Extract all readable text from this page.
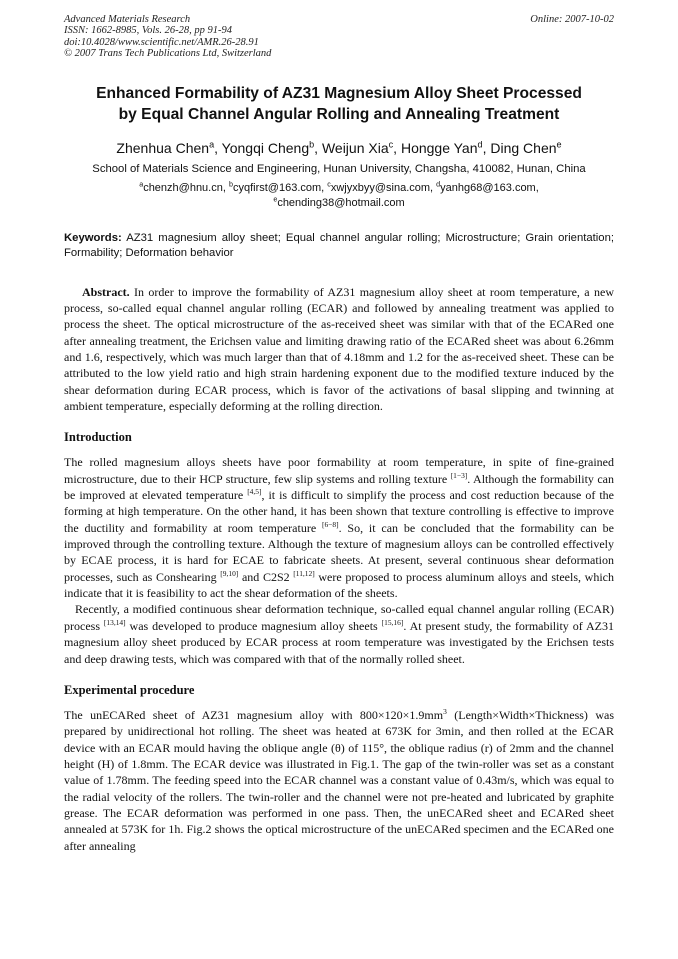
Advanced Materials Research
ISSN: 1662-8985, Vols. 26-28, pp 91-94
doi:10.4028/www.scientific.net/AMR.26-28.91
© 2007 Trans Tech Publications Ltd, Switzerland
Online: 2007-10-02
Enhanced Formability of AZ31 Magnesium Alloy Sheet Processed
by Equal Channel Angular Rolling and Annealing Treatment
Zhenhua Chen$^a$, Yongqi Cheng$^b$, Weijun Xia$^c$, Hongge Yan$^d$, Ding Chen$^e$
School of Materials Science and Engineering, Hunan University, Changsha, 410082, Hunan, China
$^a$chenzh@hnu.cn, $^b$cyqfirst@163.com, $^c$xwjyxbyy@sina.com, $^d$yanhg68@163.com,
$^e$chending38@hotmail.com
Keywords: AZ31 magnesium alloy sheet; Equal channel angular rolling; Microstructure; Grain orientation; Formability; Deformation behavior
Abstract. In order to improve the formability of AZ31 magnesium alloy sheet at room temperature, a new process, so-called equal channel angular rolling (ECAR) and followed by annealing treatment was applied to process the sheet. The optical microstructure of the as-received sheet was similar with that of the ECARed one after annealing treatment, the Erichsen value and limiting drawing ratio of the ECARed sheet was about 6.26mm and 1.6, respectively, which was much larger than that of 4.18mm and 1.2 for the as-received sheet. These can be attributed to the low yield ratio and high strain hardening exponent due to the modified texture induced by the shear deformation during ECAR process, which is favor of the activations of basal slipping and twinning at ambient temperature, especially deforming at the rolling direction.
Introduction

The rolled magnesium alloys sheets have poor formability at room temperature, in spite of fine-grained microstructure, due to their HCP structure, few slip systems and rolling texture [1−3]. Although the formability can be improved at elevated temperature [4,5], it is difficult to simplify the process and cost reduction because of the forming at high temperature. On the other hand, it has been shown that texture controlling is effective to improve the ductility and formability at room temperature [6−8]. So, it can be concluded that the formability can be improved through the controlling texture. Although the texture of magnesium alloys can be controlled effectively by ECAE process, it is hard for ECAE to fabricate sheets. At present, several continuous shear deformation processes, such as Conshearing [9,10] and C2S2 [11,12] were proposed to process aluminum alloys and steels, which indicate that it is feasibility to act the shear deformation of the sheets.

Recently, a modified continuous shear deformation technique, so-called equal channel angular rolling (ECAR) process [13,14] was developed to produce magnesium alloy sheets [15,16]. At present study, the formability of AZ31 magnesium alloy sheet produced by ECAR process at room temperature was investigated by the Erichsen tests and deep drawing tests, which was compared with that of the normally rolled sheet.

Experimental procedure

The unECARed sheet of AZ31 magnesium alloy with 800×120×1.9mm$^3$ (Length×Width×Thickness) was prepared by unidirectional hot rolling. The sheet was heated at 673K for 3min, and then rolled at the ECAR device with an ECAR mould having the oblique angle (θ) of 115°, the oblique radius (r) of 2mm and the channel height (H) of 1.8mm. The ECAR device was illustrated in Fig.1. The gap of the twin-roller was set as a constant value of 1.78mm. The feeding speed into the ECAR channel was a constant value of 0.43m/s, which was equal to the radial velocity of the rollers. The twin-roller and the channel were not pre-heated and lubricated by graphite grease. The ECAR deformation was performed in one pass. Then, the unECARed sheet and ECARed sheet annealed at 573K for 1h. Fig.2 shows the optical microstructure of the unECARed specimen and the ECARed one after annealing
